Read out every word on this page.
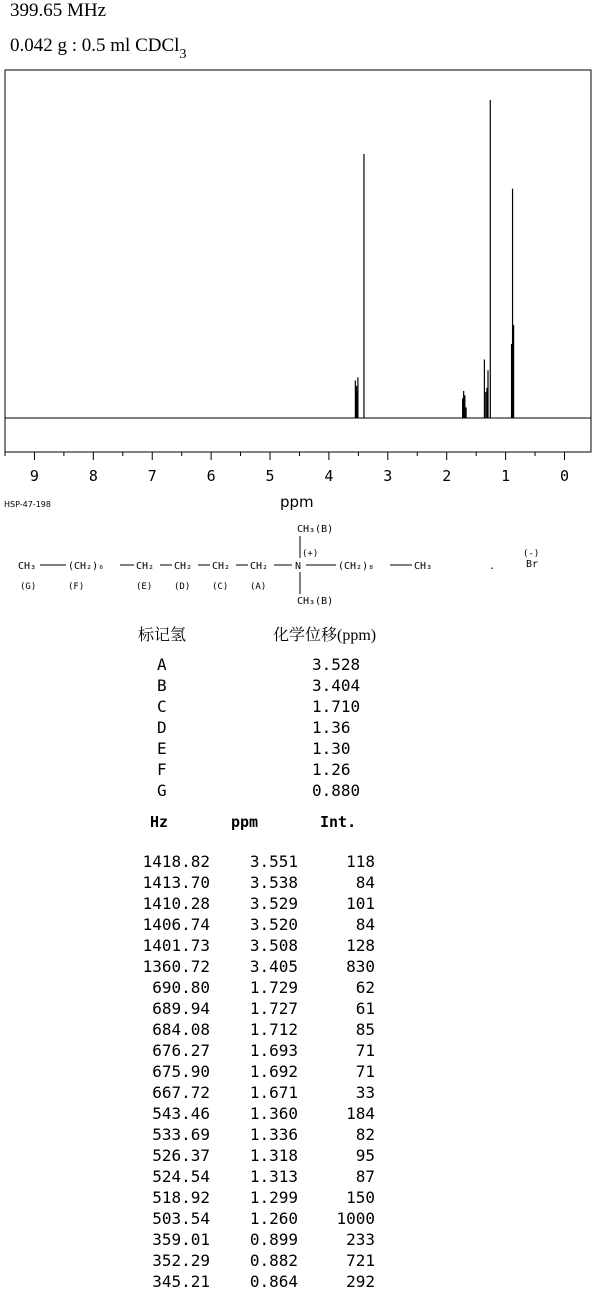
399.65 MHz
0.042 g : 0.5 ml CDCl$_3$
9	8	7	6	5	4	3	2	1	0
ppm
HSP-47-198
CH₃	(CH₂)₆	CH₂ CH₂ CH₂ CH₂	N
(+)
CH₃(B)
CH₃(B)
(CH₂)₈	CH₃	.
(-)
Br
(G)	(F)	(E) (D) (C) (A)
标记氢	化学位移(ppm)
A	3.528
B	3.404
C	1.710
D	1.36
E	1.30
F	1.26
G	0.880
Hz	ppm	Int.
1418.82 3.551	118
1413.70 3.538	84
1410.28 3.529	101
1406.74 3.520	84
1401.73 3.508	128
1360.72 3.405	830
690.80 1.729	62
689.94 1.727	61
684.08 1.712	85
676.27 1.693	71
675.90 1.692	71
667.72 1.671	33
543.46 1.360	184
533.69 1.336	82
526.37 1.318	95
524.54 1.313	87
518.92 1.299	150
503.54 1.260 1000
359.01 0.899	233
352.29 0.882	721
345.21 0.864	292
